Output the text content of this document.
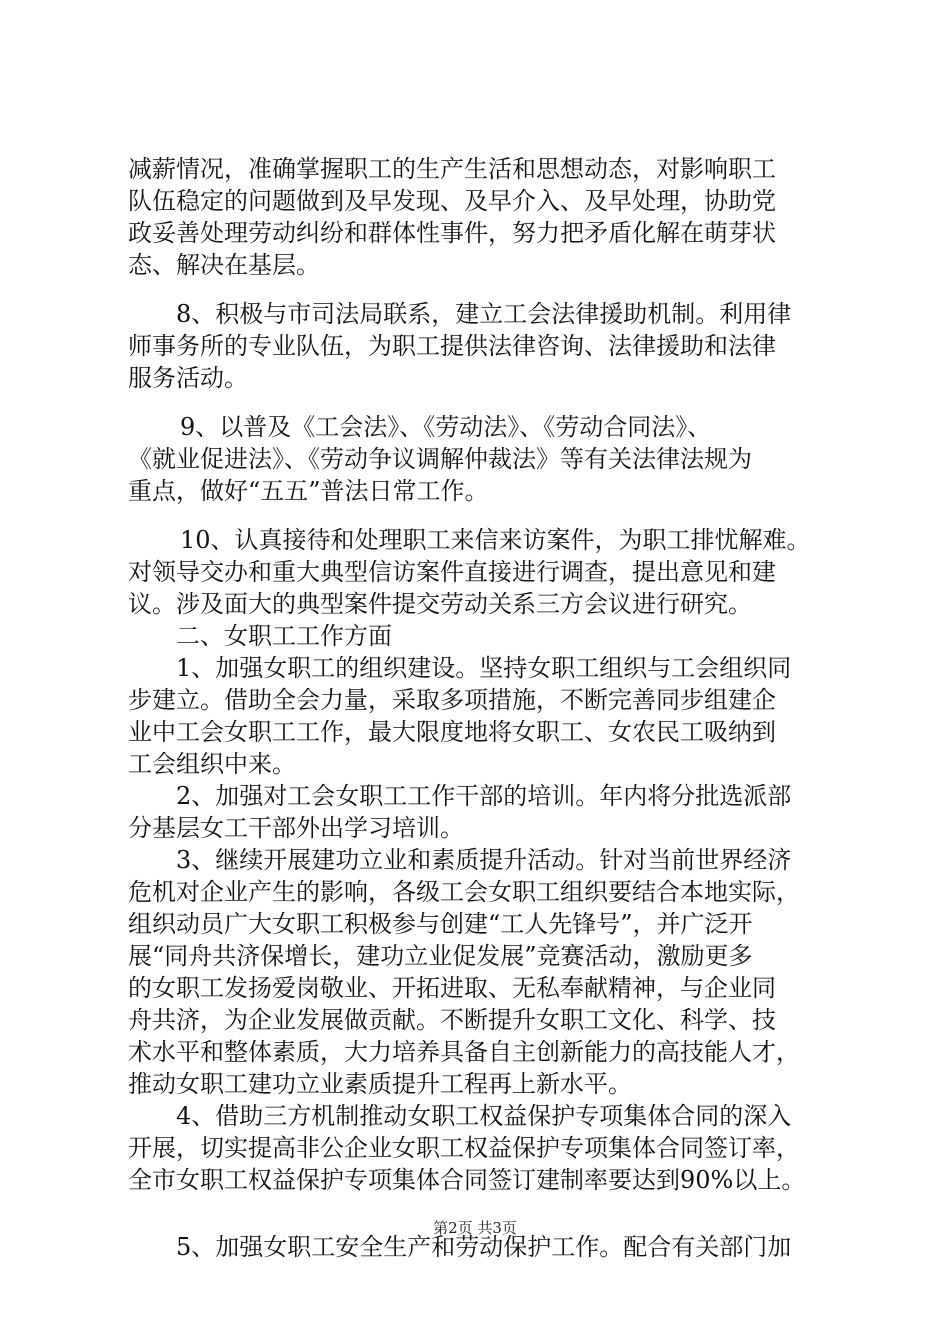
减薪情况，准确掌握职工的生产生活和思想动态，对影响职工
队伍稳定的问题做到及早发现、及早介入、及早处理，协助党
政妥善处理劳动纠纷和群体性事件，努力把矛盾化解在萌芽状
态、解决在基层。
8、积极与市司法局联系，建立工会法律援助机制。利用律
师事务所的专业队伍，为职工提供法律咨询、法律援助和法律
服务活动。
9、以普及《工会法》、《劳动法》、《劳动合同法》、
《就业促进法》、《劳动争议调解仲裁法》等有关法律法规为
重点，做好“五五”普法日常工作。
10、认真接待和处理职工来信来访案件，为职工排忧解难。
对领导交办和重大典型信访案件直接进行调查，提出意见和建
议。涉及面大的典型案件提交劳动关系三方会议进行研究。
二、女职工工作方面
1、加强女职工的组织建设。坚持女职工组织与工会组织同
步建立。借助全会力量，采取多项措施，不断完善同步组建企
业中工会女职工工作，最大限度地将女职工、女农民工吸纳到
工会组织中来。
2、加强对工会女职工工作干部的培训。年内将分批选派部
分基层女工干部外出学习培训。
3、继续开展建功立业和素质提升活动。针对当前世界经济
危机对企业产生的影响，各级工会女职工组织要结合本地实际，
组织动员广大女职工积极参与创建“工人先锋号”，并广泛开
展“同舟共济保增长，建功立业促发展”竞赛活动，激励更多
的女职工发扬爱岗敬业、开拓进取、无私奉献精神，与企业同
舟共济，为企业发展做贡献。不断提升女职工文化、科学、技
术水平和整体素质，大力培养具备自主创新能力的高技能人才，
推动女职工建功立业素质提升工程再上新水平。
4、借助三方机制推动女职工权益保护专项集体合同的深入
开展，切实提高非公企业女职工权益保护专项集体合同签订率，
全市女职工权益保护专项集体合同签订建制率要达到90%以上。
5、加强女职工安全生产和劳动保护工作。配合有关部门加
第2页 共3页
